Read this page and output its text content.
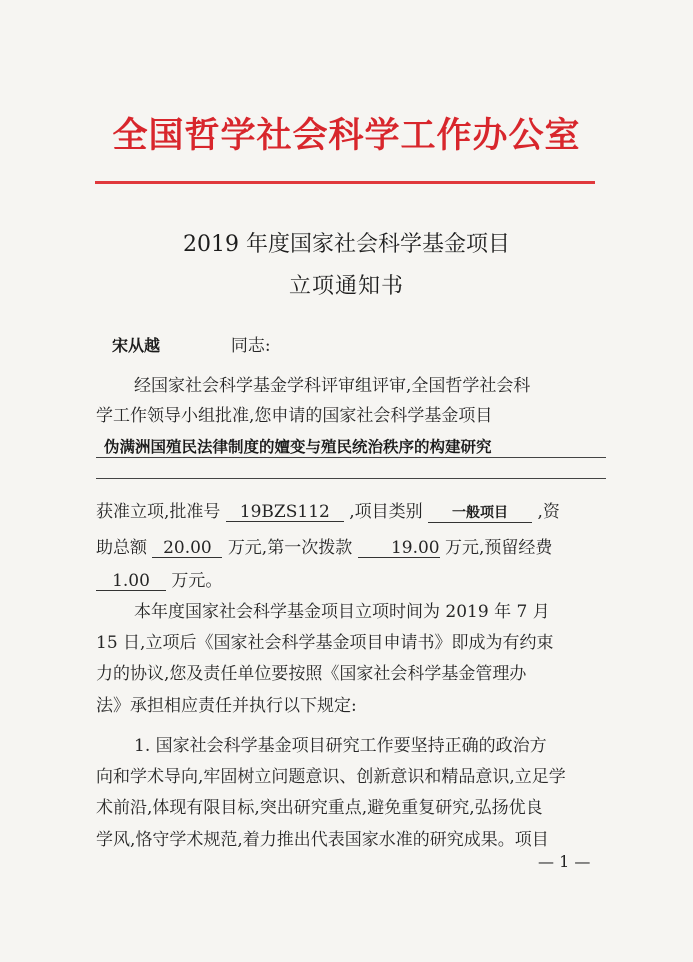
全国哲学社会科学工作办公室
2019 年度国家社会科学基金项目
立项通知书
宋从越	同志:
经国家社会科学基金学科评审组评审,全国哲学社会科
学工作领导小组批准,您申请的国家社会科学基金项目
伪满洲国殖民法律制度的嬗变与殖民统治秩序的构建研究
获准立项,批准号 19BZS112 ,项目类别 一般项目 ,资
助总额 20.00 万元,第一次拨款 19.00 万元,预留经费
1.00 万元。
本年度国家社会科学基金项目立项时间为 2019 年 7 月
15 日,立项后《国家社会科学基金项目申请书》即成为有约束
力的协议,您及责任单位要按照《国家社会科学基金管理办
法》承担相应责任并执行以下规定:
1. 国家社会科学基金项目研究工作要坚持正确的政治方
向和学术导向,牢固树立问题意识、创新意识和精品意识,立足学
术前沿,体现有限目标,突出研究重点,避免重复研究,弘扬优良
学风,恪守学术规范,着力推出代表国家水准的研究成果。项目
— 1 —
